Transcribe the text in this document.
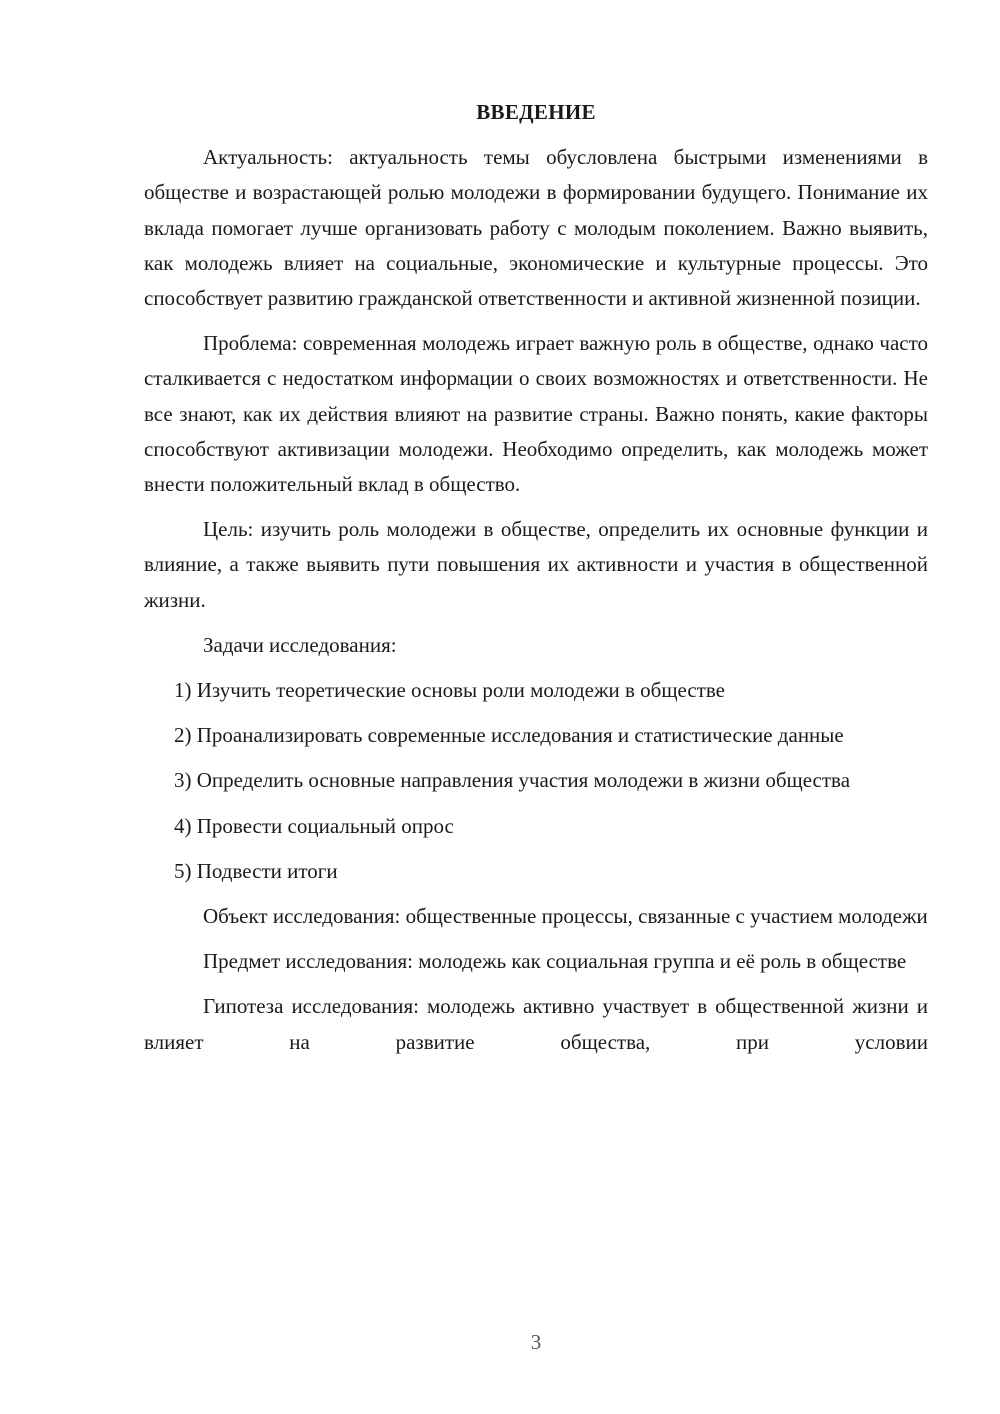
ВВЕДЕНИЕ
Актуальность: актуальность темы обусловлена быстрыми изменениями в обществе и возрастающей ролью молодежи в формировании будущего. Понимание их вклада помогает лучше организовать работу с молодым поколением. Важно выявить, как молодежь влияет на социальные, экономические и культурные процессы. Это способствует развитию гражданской ответственности и активной жизненной позиции.
Проблема: современная молодежь играет важную роль в обществе, однако часто сталкивается с недостатком информации о своих возможностях и ответственности. Не все знают, как их действия влияют на развитие страны. Важно понять, какие факторы способствуют активизации молодежи. Необходимо определить, как молодежь может внести положительный вклад в общество.
Цель: изучить роль молодежи в обществе, определить их основные функции и влияние, а также выявить пути повышения их активности и участия в общественной жизни.
Задачи исследования:
1) Изучить теоретические основы роли молодежи в обществе
2) Проанализировать современные исследования и статистические данные
3) Определить основные направления участия молодежи в жизни общества
4) Провести социальный опрос
5) Подвести итоги
Объект исследования: общественные процессы, связанные с участием молодежи
Предмет исследования: молодежь как социальная группа и её роль в обществе
Гипотеза исследования: молодежь активно участвует в общественной жизни и влияет на развитие общества, при условии
3
